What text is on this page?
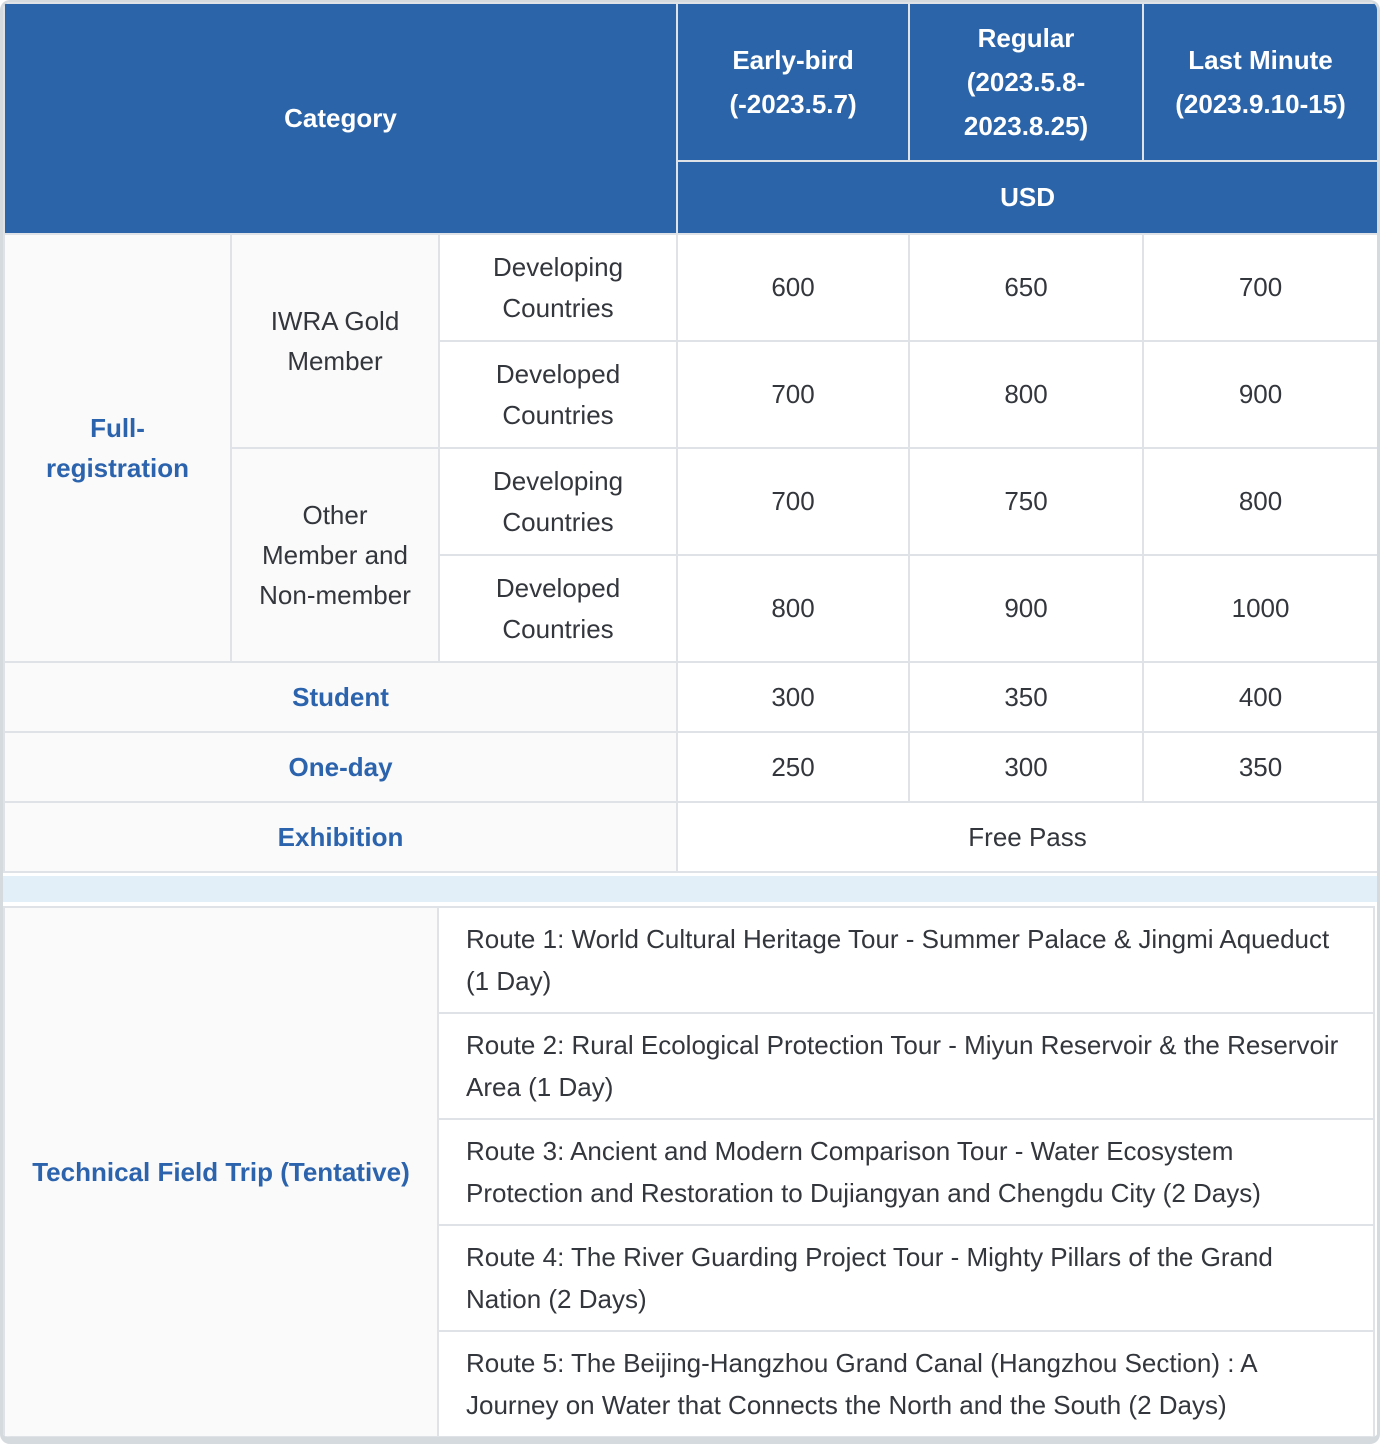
Category			Early-bird (-2023.5.7)	Regular (2023.5.8-2023.8.25)	Last Minute (2023.9.10-15)
			USD		
Full-registration	IWRA Gold Member	Developing Countries	600	650	700
		Developed Countries	700	800	900
	Other Member and Non-member	Developing Countries	700	750	800
		Developed Countries	800	900	1000
Student			300	350	400
One-day			250	300	350
Exhibition			Free Pass		
Technical Field Trip (Tentative)	Route 1: World Cultural Heritage Tour - Summer Palace & Jingmi Aqueduct (1 Day)
Route 2: Rural Ecological Protection Tour - Miyun Reservoir & the Reservoir Area (1 Day)
Route 3: Ancient and Modern Comparison Tour - Water Ecosystem Protection and Restoration to Dujiangyan and Chengdu City (2 Days)
Route 4: The River Guarding Project Tour - Mighty Pillars of the Grand Nation (2 Days)
Route 5: The Beijing-Hangzhou Grand Canal (Hangzhou Section) : A Journey on Water that Connects the North and the South (2 Days)
